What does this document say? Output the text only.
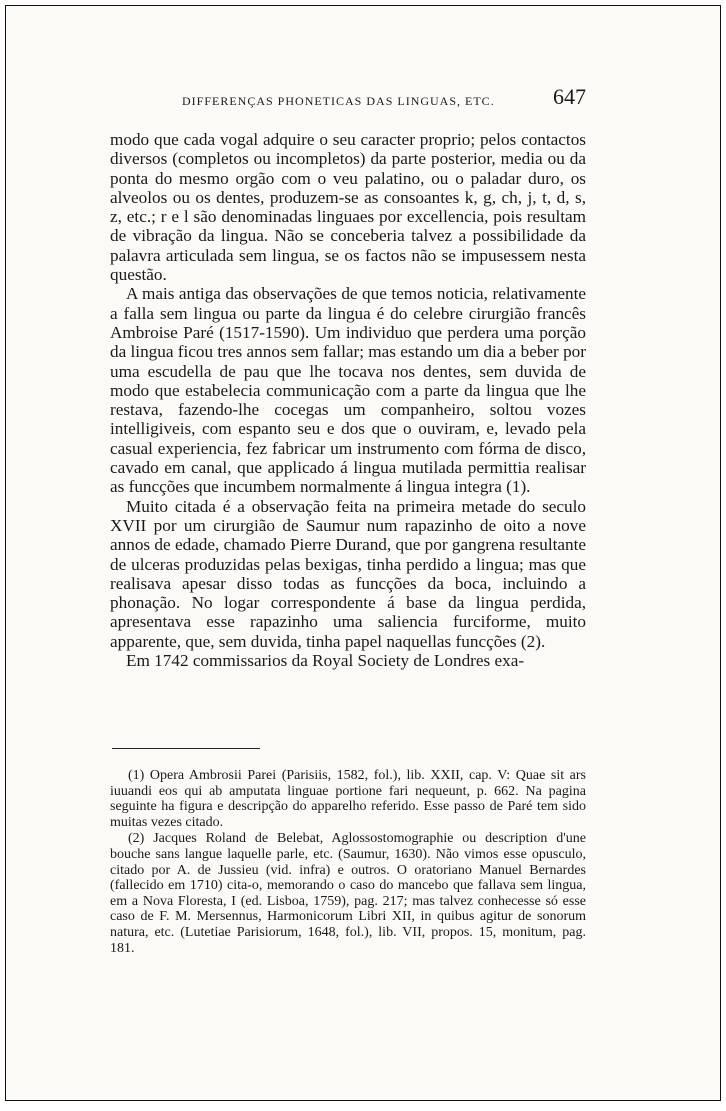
DIFFERENÇAS PHONETICAS DAS LINGUAS, ETC.	647

modo que cada vogal adquire o seu caracter proprio; pelos contactos diversos (completos ou incompletos) da parte posterior, media ou da ponta do mesmo orgão com o veu palatino, ou o paladar duro, os alveolos ou os dentes, produzem-se as consoantes k, g, ch, j, t, d, s, z, etc.; r e l são denominadas linguaes por excellencia, pois resultam de vibração da lingua. Não se conceberia talvez a possibilidade da palavra articulada sem lingua, se os factos não se impusessem nesta questão.

A mais antiga das observações de que temos noticia, relativamente a falla sem lingua ou parte da lingua é do celebre cirurgião francês Ambroise Paré (1517-1590). Um individuo que perdera uma porção da lingua ficou tres annos sem fallar; mas estando um dia a beber por uma escudella de pau que lhe tocava nos dentes, sem duvida de modo que estabelecia communicação com a parte da lingua que lhe restava, fazendo-lhe cocegas um companheiro, soltou vozes intelligiveis, com espanto seu e dos que o ouviram, e, levado pela casual experiencia, fez fabricar um instrumento com fórma de disco, cavado em canal, que applicado á lingua mutilada permittia realisar as funcções que incumbem normalmente á lingua integra (1).

Muito citada é a observação feita na primeira metade do seculo XVII por um cirurgião de Saumur num rapazinho de oito a nove annos de edade, chamado Pierre Durand, que por gangrena resultante de ulceras produzidas pelas bexigas, tinha perdido a lingua; mas que realisava apesar disso todas as funcções da boca, incluindo a phonação. No logar correspondente á base da lingua perdida, apresentava esse rapazinho uma saliencia furciforme, muito apparente, que, sem duvida, tinha papel naquellas funcções (2).

Em 1742 commissarios da Royal Society de Londres exa-

(1) Opera Ambrosii Parei (Parisiis, 1582, fol.), lib. XXII, cap. V: Quae sit ars iuuandi eos qui ab amputata linguae portione fari nequeunt, p. 662. Na pagina seguinte ha figura e descripção do apparelho referido. Esse passo de Paré tem sido muitas vezes citado.

(2) Jacques Roland de Belebat, Aglossostomographie ou description d'une bouche sans langue laquelle parle, etc. (Saumur, 1630). Não vimos esse opusculo, citado por A. de Jussieu (vid. infra) e outros. O oratoriano Manuel Bernardes (fallecido em 1710) cita-o, memorando o caso do mancebo que fallava sem lingua, em a Nova Floresta, I (ed. Lisboa, 1759), pag. 217; mas talvez conhecesse só esse caso de F. M. Mersennus, Harmonicorum Libri XII, in quibus agitur de sonorum natura, etc. (Lutetiae Parisiorum, 1648, fol.), lib. VII, propos. 15, monitum, pag. 181.
